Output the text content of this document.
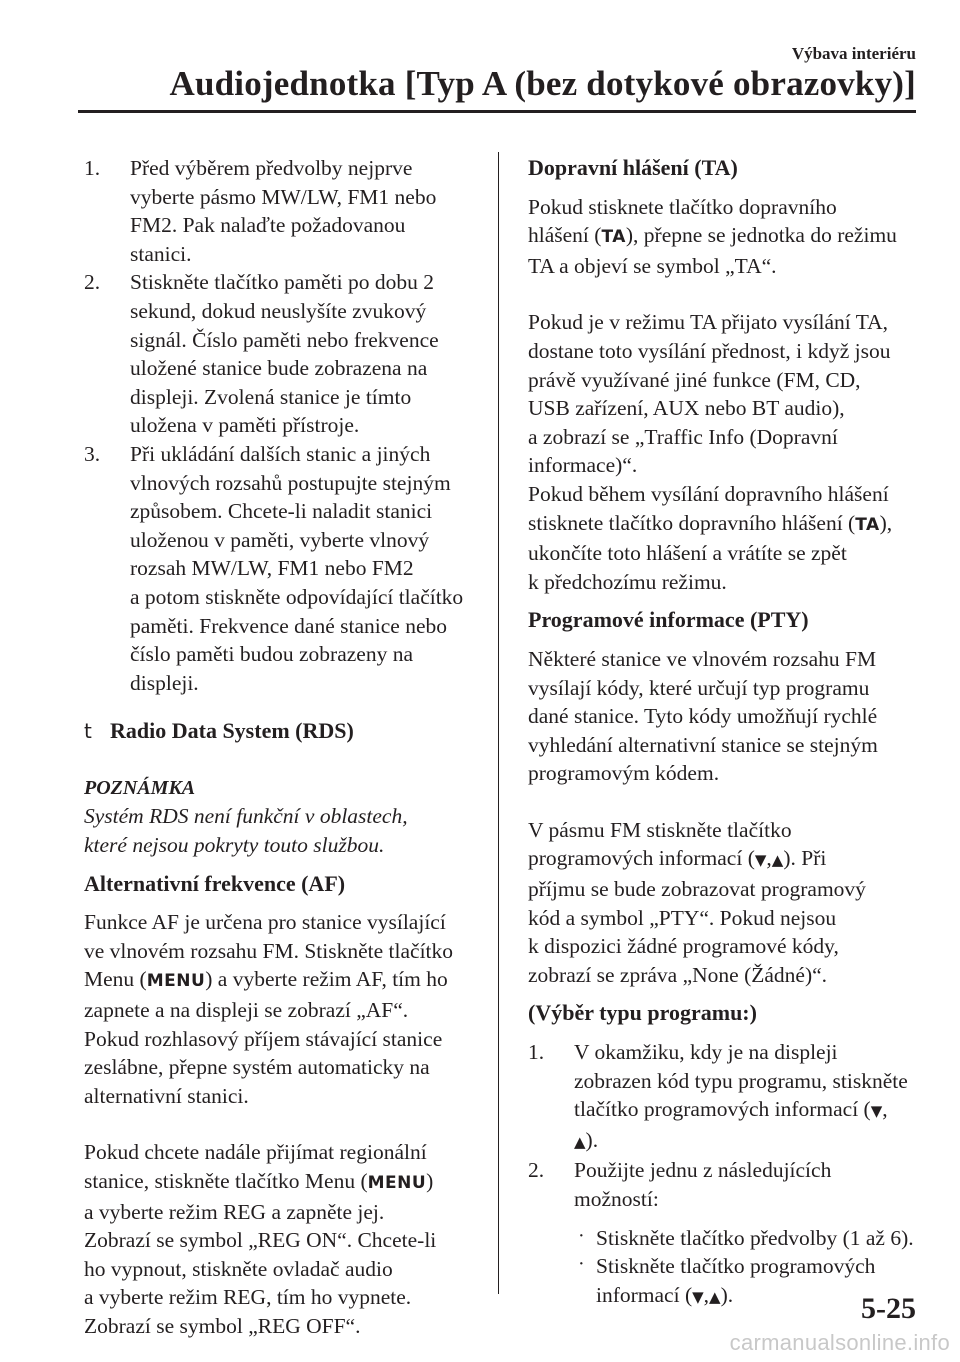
Výbava interiéru
Audiojednotka [Typ A (bez dotykové obrazovky)]
1. Před výběrem předvolby nejprve
vyberte pásmo MW/LW, FM1 nebo
FM2. Pak nalaďte požadovanou
stanici.
2. Stiskněte tlačítko paměti po dobu 2
sekund, dokud neuslyšíte zvukový
signál. Číslo paměti nebo frekvence
uložené stanice bude zobrazena na
displeji. Zvolená stanice je tímto
uložena v paměti přístroje.
3. Při ukládání dalších stanic a jiných
vlnových rozsahů postupujte stejným
způsobem. Chcete-li naladit stanici
uloženou v paměti, vyberte vlnový
rozsah MW/LW, FM1 nebo FM2
a potom stiskněte odpovídající tlačítko
paměti. Frekvence dané stanice nebo
číslo paměti budou zobrazeny na
displeji.
t Radio Data System (RDS)
POZNÁMKA
Systém RDS není funkční v oblastech,
které nejsou pokryty touto službou.
Alternativní frekvence (AF)
Funkce AF je určena pro stanice vysílající
ve vlnovém rozsahu FM. Stiskněte tlačítko
Menu (MENU) a vyberte režim AF, tím ho
zapnete a na displeji se zobrazí „AF“.
Pokud rozhlasový příjem stávající stanice
zeslábne, přepne systém automaticky na
alternativní stanici.
Pokud chcete nadále přijímat regionální
stanice, stiskněte tlačítko Menu (MENU)
a vyberte režim REG a zapněte jej.
Zobrazí se symbol „REG ON“. Chcete-li
ho vypnout, stiskněte ovladač audio
a vyberte režim REG, tím ho vypnete.
Zobrazí se symbol „REG OFF“.
Dopravní hlášení (TA)
Pokud stisknete tlačítko dopravního
hlášení (TA), přepne se jednotka do režimu
TA a objeví se symbol „TA“.
Pokud je v režimu TA přijato vysílání TA,
dostane toto vysílání přednost, i když jsou
právě využívané jiné funkce (FM, CD,
USB zařízení, AUX nebo BT audio),
a zobrazí se „Traffic Info (Dopravní
informace)“.
Pokud během vysílání dopravního hlášení
stisknete tlačítko dopravního hlášení (TA),
ukončíte toto hlášení a vrátíte se zpět
k předchozímu režimu.
Programové informace (PTY)
Některé stanice ve vlnovém rozsahu FM
vysílají kódy, které určují typ programu
dané stanice. Tyto kódy umožňují rychlé
vyhledání alternativní stanice se stejným
programovým kódem.
V pásmu FM stiskněte tlačítko
programových informací (▼,▲). Při
příjmu se bude zobrazovat programový
kód a symbol „PTY“. Pokud nejsou
k dispozici žádné programové kódy,
zobrazí se zpráva „None (Žádné)“.
(Výběr typu programu:)
1. V okamžiku, kdy je na displeji
zobrazen kód typu programu, stiskněte
tlačítko programových informací (▼,
▲).
2. Použijte jednu z následujících
možností:
· Stiskněte tlačítko předvolby (1 až 6).
· Stiskněte tlačítko programových
informací (▼,▲).	5-25
carmanualsonline.info
